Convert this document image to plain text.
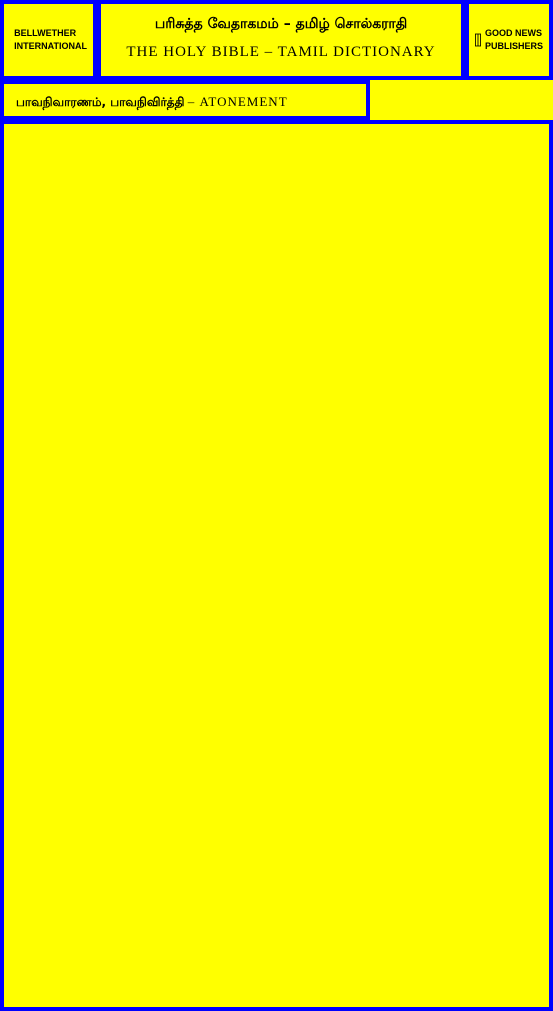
BELLWETHER
INTERNATIONAL
பரிசுத்த வேதாகமம் – தமிழ் சொல்கராதி
THE HOLY BIBLE – TAMIL DICTIONARY
GOOD NEWS
PUBLISHERS
பாவநிவாரணம், பாவநிவிர்த்தி – ATONEMENT
